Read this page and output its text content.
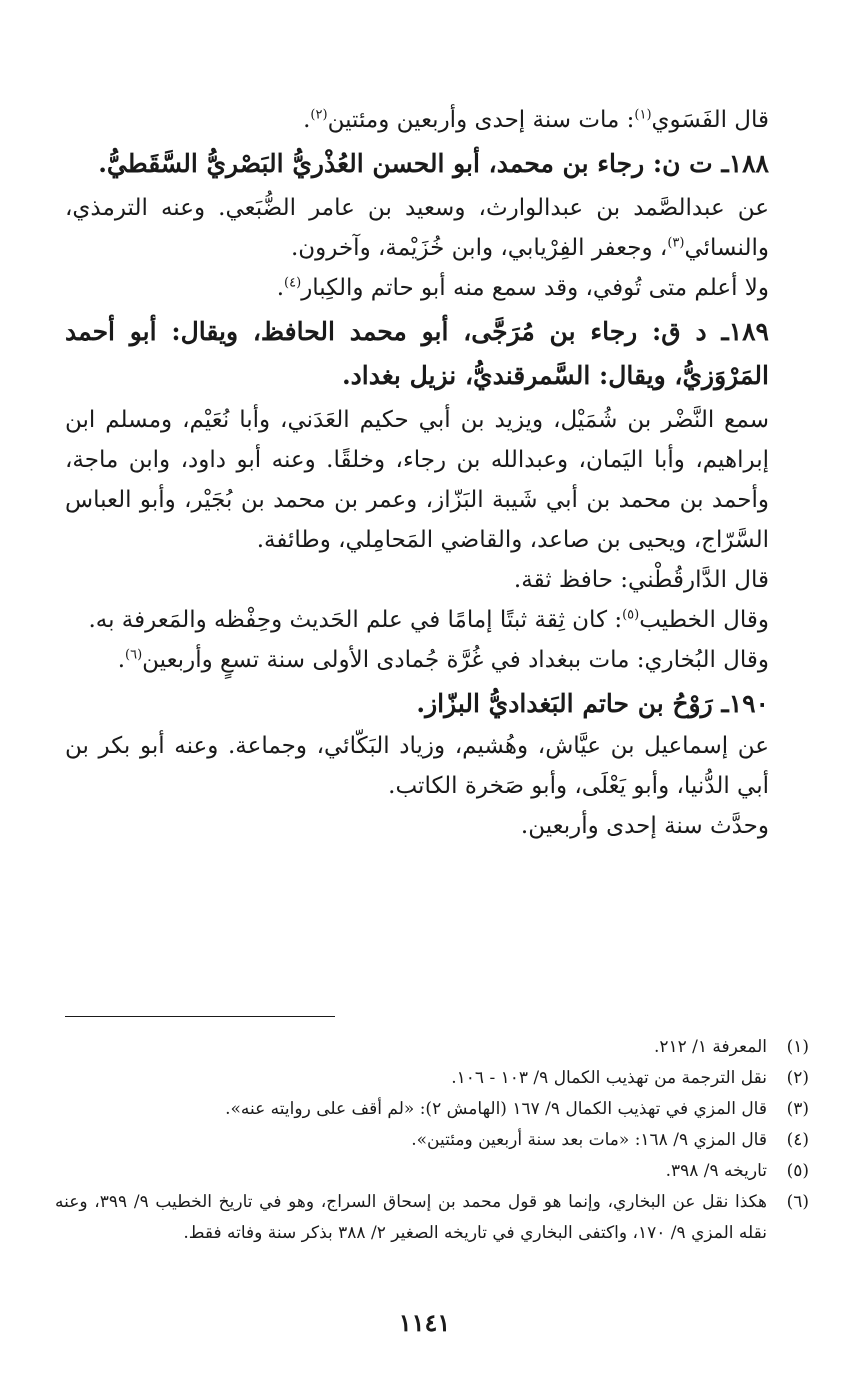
قال الفَسَوي$^{(١)}$: مات سنة إحدى وأربعين ومئتين$^{(٢)}$.
١٨٨ـ ت ن: رجاء بن محمد، أبو الحسن العُذْريُّ البَصْريُّ السَّقَطيُّ.
عن عبدالصَّمد بن عبدالوارث، وسعيد بن عامر الضُّبَعي. وعنه الترمذي، والنسائي$^{(٣)}$، وجعفر الفِرْيابي، وابن خُزَيْمة، وآخرون.
ولا أعلم متى تُوفي، وقد سمع منه أبو حاتم والكِبار$^{(٤)}$.
١٨٩ـ د ق: رجاء بن مُرَجَّى، أبو محمد الحافظ، ويقال: أبو أحمد المَرْوَزيُّ، ويقال: السَّمرقنديُّ، نزيل بغداد.
سمع النَّضْر بن شُمَيْل، ويزيد بن أبي حكيم العَدَني، وأبا نُعَيْم، ومسلم ابن إبراهيم، وأبا اليَمان، وعبدالله بن رجاء، وخلقًا. وعنه أبو داود، وابن ماجة، وأحمد بن محمد بن أبي شَيبة البَزّاز، وعمر بن محمد بن بُجَيْر، وأبو العباس السَّرّاج، ويحيى بن صاعد، والقاضي المَحامِلي، وطائفة.
قال الدَّارقُطْني: حافظ ثقة.
وقال الخطيب$^{(٥)}$: كان ثِقة ثبتًا إمامًا في علم الحَديث وحِفْظه والمَعرفة به.
وقال البُخاري: مات ببغداد في غُرَّة جُمادى الأولى سنة تسعٍ وأربعين$^{(٦)}$.
١٩٠ـ رَوْحُ بن حاتم البَغداديُّ البزّاز.
عن إسماعيل بن عيَّاش، وهُشيم، وزياد البَكّائي، وجماعة. وعنه أبو بكر بن أبي الدُّنيا، وأبو يَعْلَى، وأبو صَخرة الكاتب.
وحدَّث سنة إحدى وأربعين.
(١)
المعرفة ١/ ٢١٢.
(٢)
نقل الترجمة من تهذيب الكمال ٩/ ١٠٣ - ١٠٦.
(٣)
قال المزي في تهذيب الكمال ٩/ ١٦٧ (الهامش ٢): «لم أقف على روايته عنه».
(٤)
قال المزي ٩/ ١٦٨: «مات بعد سنة أربعين ومئتين».
(٥)
تاريخه ٩/ ٣٩٨.
(٦)
هكذا نقل عن البخاري، وإنما هو قول محمد بن إسحاق السراج، وهو في تاريخ الخطيب ٩/ ٣٩٩، وعنه نقله المزي ٩/ ١٧٠، واكتفى البخاري في تاريخه الصغير ٢/ ٣٨٨ بذكر سنة وفاته فقط.
١١٤١
